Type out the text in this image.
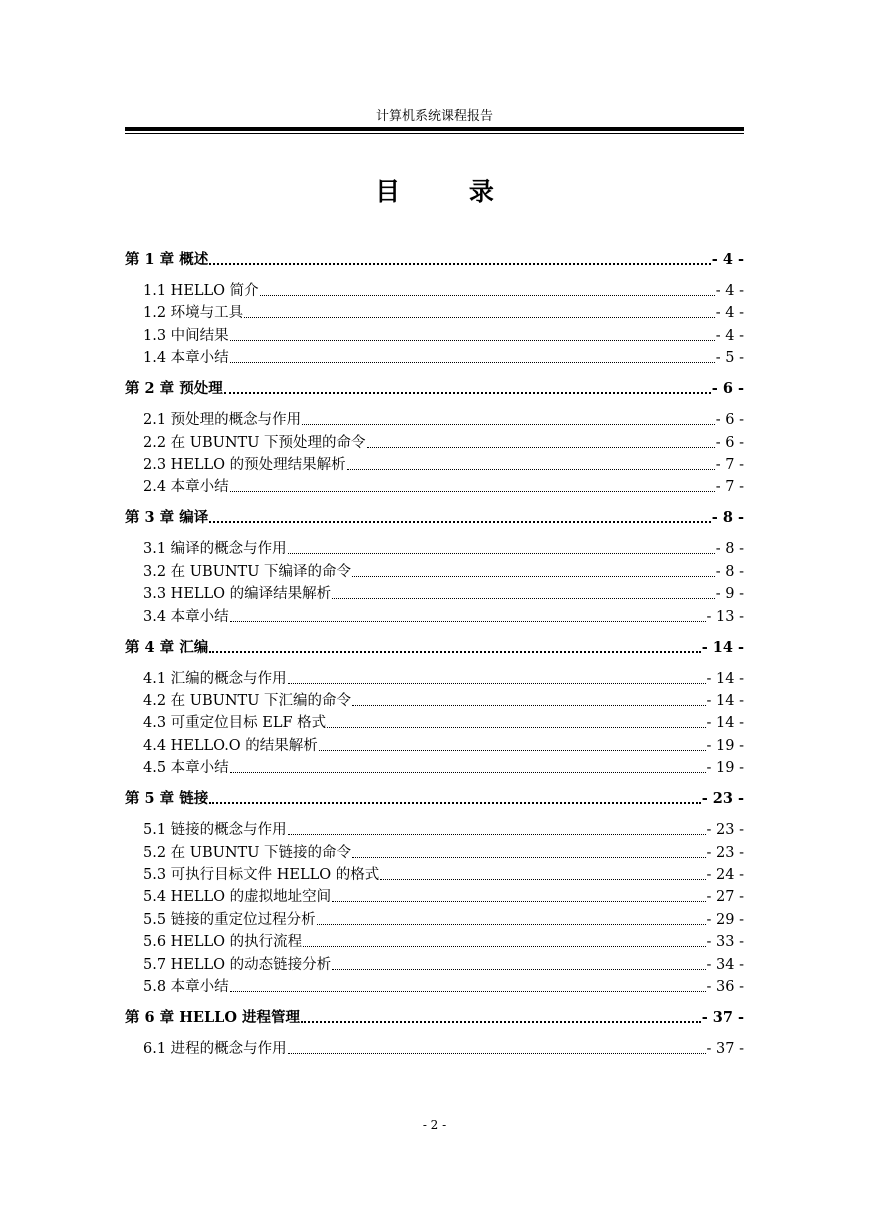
计算机系统课程报告
目 录
第 1 章 概述	- 4 -
1.1 HELLO 简介	- 4 -
1.2 环境与工具	- 4 -
1.3 中间结果	- 4 -
1.4 本章小结	- 5 -
第 2 章 预处理	- 6 -
2.1 预处理的概念与作用	- 6 -
2.2 在 UBUNTU 下预处理的命令	- 6 -
2.3 HELLO 的预处理结果解析	- 7 -
2.4 本章小结	- 7 -
第 3 章 编译	- 8 -
3.1 编译的概念与作用	- 8 -
3.2 在 UBUNTU 下编译的命令	- 8 -
3.3 HELLO 的编译结果解析	- 9 -
3.4 本章小结	- 13 -
第 4 章 汇编	- 14 -
4.1 汇编的概念与作用	- 14 -
4.2 在 UBUNTU 下汇编的命令	- 14 -
4.3 可重定位目标 ELF 格式	- 14 -
4.4 HELLO.O 的结果解析	- 19 -
4.5 本章小结	- 19 -
第 5 章 链接	- 23 -
5.1 链接的概念与作用	- 23 -
5.2 在 UBUNTU 下链接的命令	- 23 -
5.3 可执行目标文件 HELLO 的格式	- 24 -
5.4 HELLO 的虚拟地址空间	- 27 -
5.5 链接的重定位过程分析	- 29 -
5.6 HELLO 的执行流程	- 33 -
5.7 HELLO 的动态链接分析	- 34 -
5.8 本章小结	- 36 -
第 6 章 HELLO 进程管理	- 37 -
6.1 进程的概念与作用	- 37 -
- 2 -
